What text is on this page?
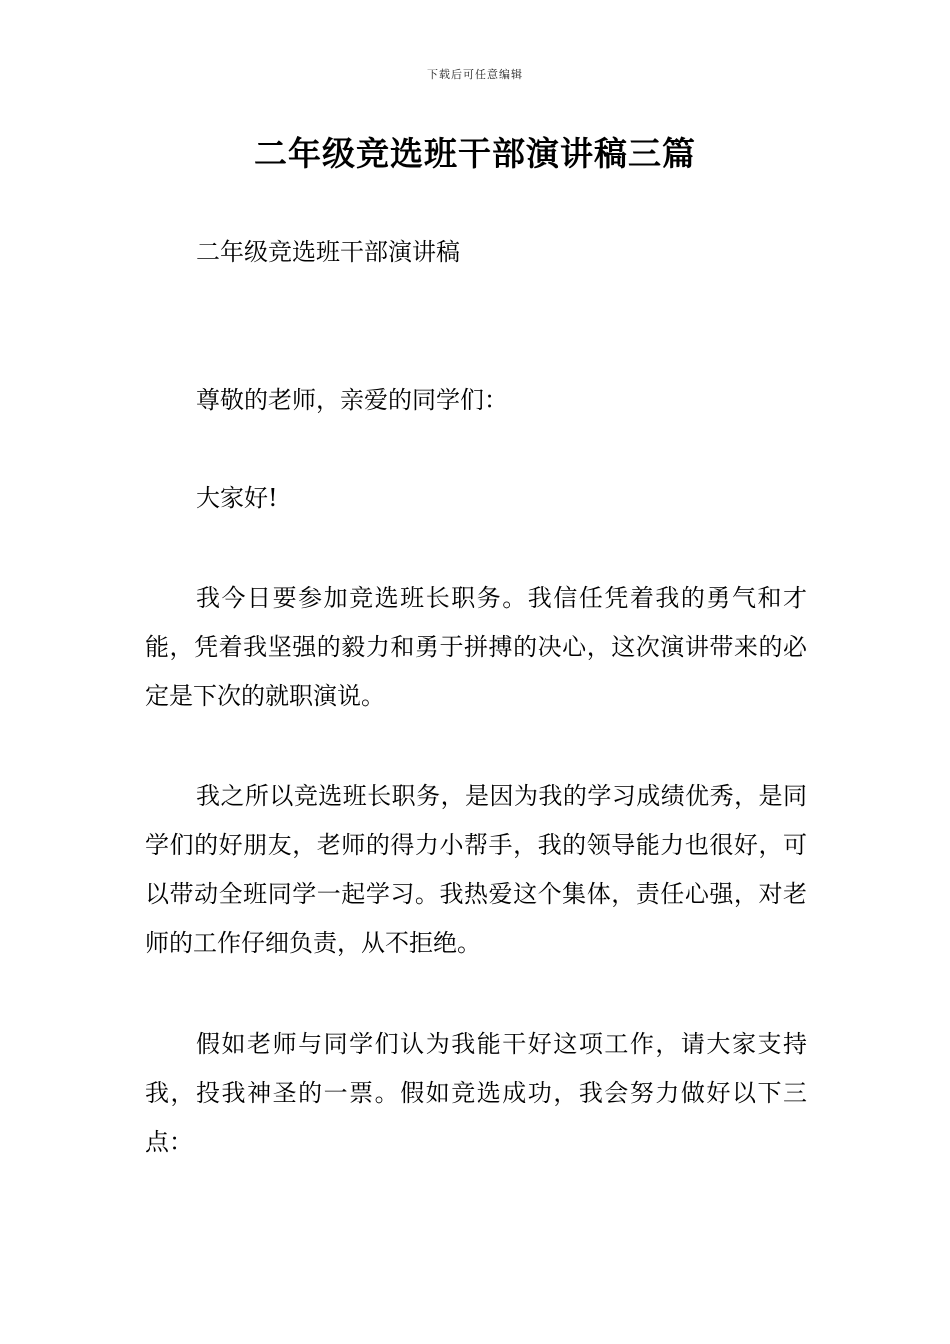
下载后可任意编辑
二年级竞选班干部演讲稿三篇

二年级竞选班干部演讲稿

尊敬的老师，亲爱的同学们：

大家好!

我今日要参加竞选班长职务。我信任凭着我的勇气和才能，凭着我坚强的毅力和勇于拼搏的决心，这次演讲带来的必定是下次的就职演说。

我之所以竞选班长职务，是因为我的学习成绩优秀，是同学们的好朋友，老师的得力小帮手，我的领导能力也很好，可以带动全班同学一起学习。我热爱这个集体，责任心强，对老师的工作仔细负责，从不拒绝。

假如老师与同学们认为我能干好这项工作，请大家支持我，投我神圣的一票。假如竞选成功，我会努力做好以下三点：
